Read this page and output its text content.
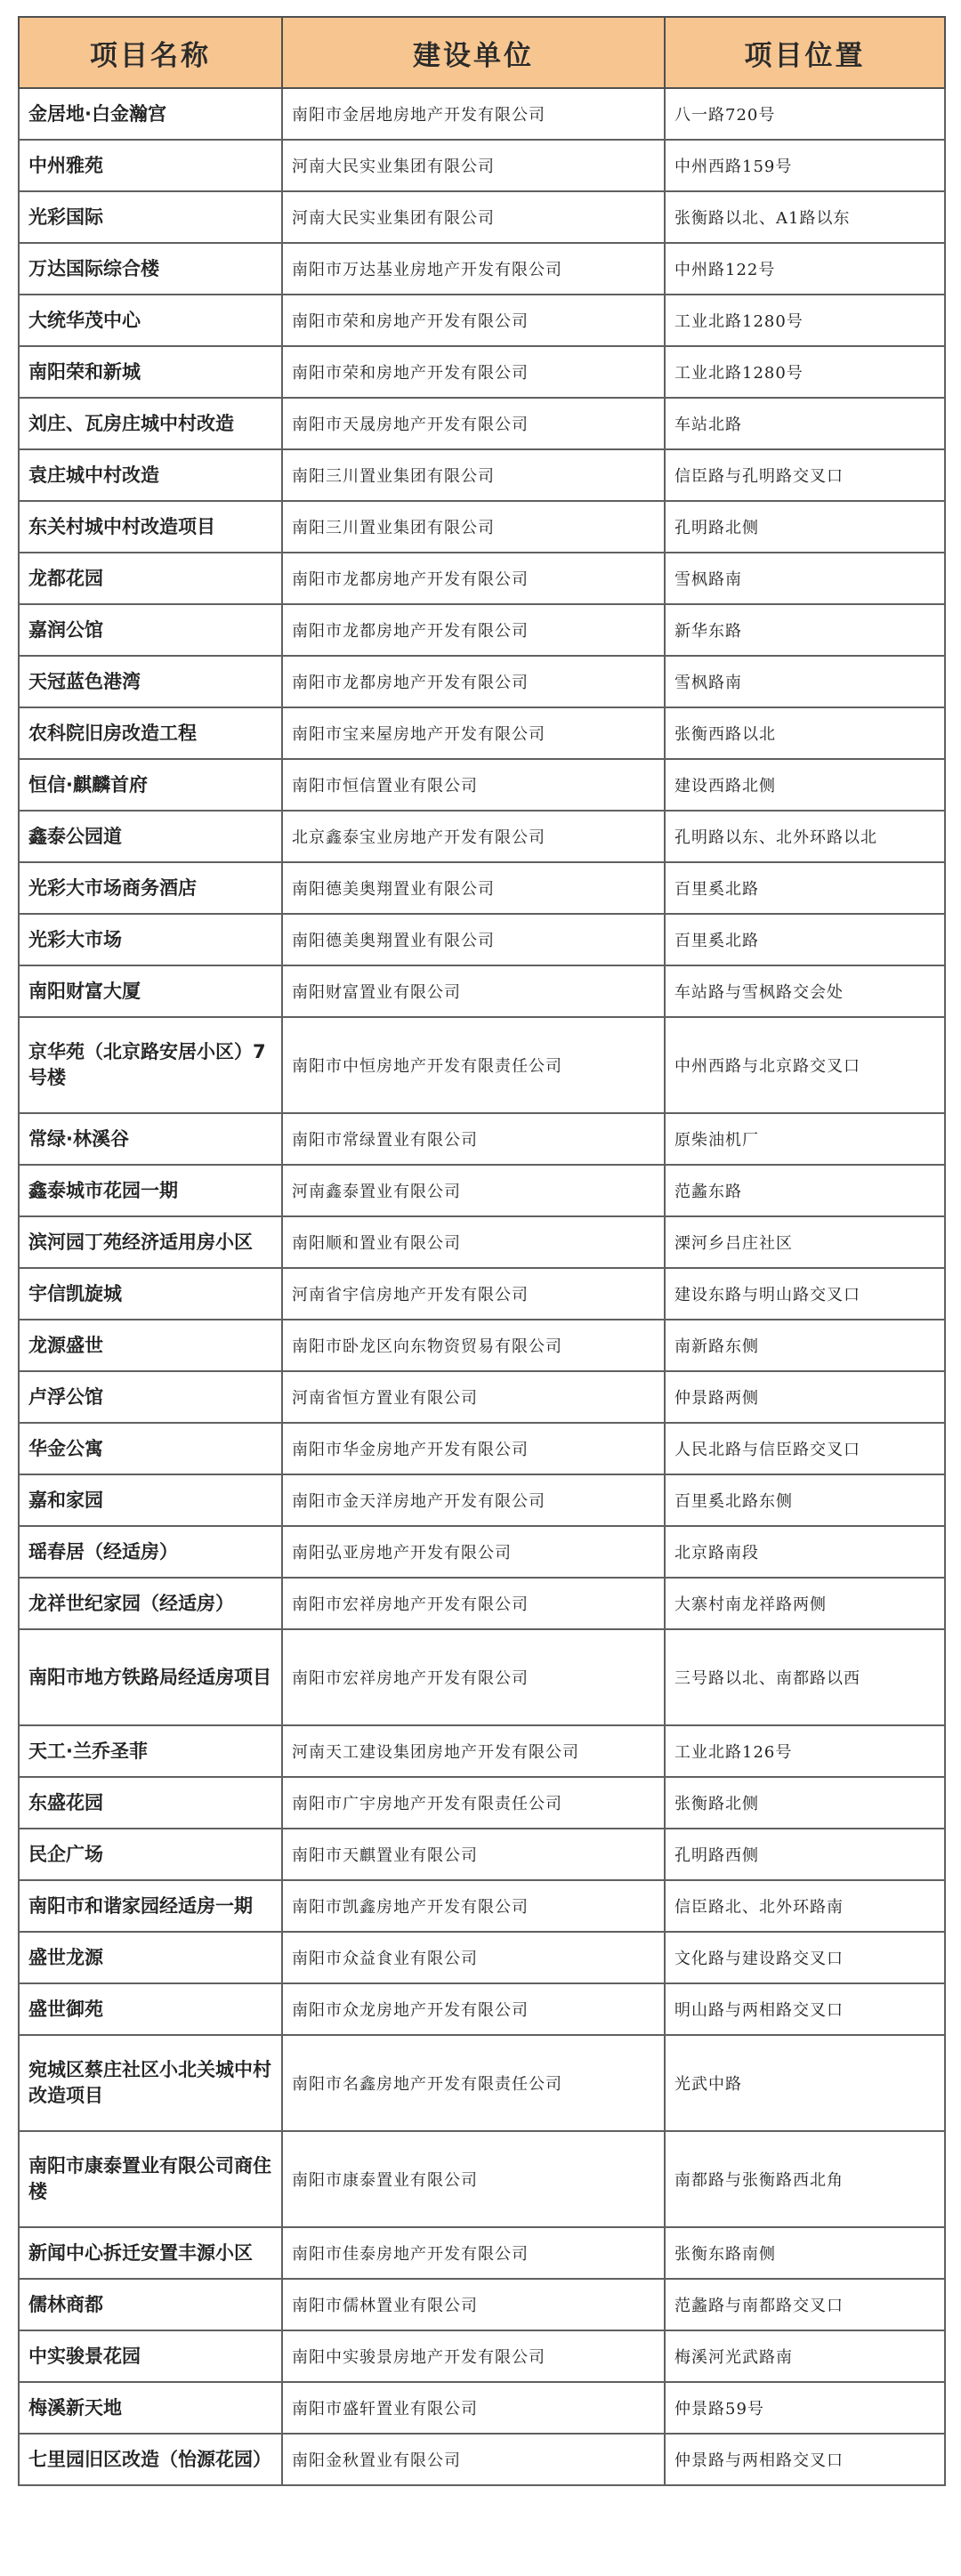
项目名称	建设单位	项目位置
金居地·白金瀚宫	南阳市金居地房地产开发有限公司	八一路720号
中州雅苑	河南大民实业集团有限公司	中州西路159号
光彩国际	河南大民实业集团有限公司	张衡路以北、A1路以东
万达国际综合楼	南阳市万达基业房地产开发有限公司	中州路122号
大统华茂中心	南阳市荣和房地产开发有限公司	工业北路1280号
南阳荣和新城	南阳市荣和房地产开发有限公司	工业北路1280号
刘庄、瓦房庄城中村改造	南阳市天晟房地产开发有限公司	车站北路
袁庄城中村改造	南阳三川置业集团有限公司	信臣路与孔明路交叉口
东关村城中村改造项目	南阳三川置业集团有限公司	孔明路北侧
龙都花园	南阳市龙都房地产开发有限公司	雪枫路南
嘉润公馆	南阳市龙都房地产开发有限公司	新华东路
天冠蓝色港湾	南阳市龙都房地产开发有限公司	雪枫路南
农科院旧房改造工程	南阳市宝来屋房地产开发有限公司	张衡西路以北
恒信·麒麟首府	南阳市恒信置业有限公司	建设西路北侧
鑫泰公园道	北京鑫泰宝业房地产开发有限公司	孔明路以东、北外环路以北
光彩大市场商务酒店	南阳德美奥翔置业有限公司	百里奚北路
光彩大市场	南阳德美奥翔置业有限公司	百里奚北路
南阳财富大厦	南阳财富置业有限公司	车站路与雪枫路交会处
京华苑（北京路安居小区）7号楼	南阳市中恒房地产开发有限责任公司	中州西路与北京路交叉口
常绿·林溪谷	南阳市常绿置业有限公司	原柴油机厂
鑫泰城市花园一期	河南鑫泰置业有限公司	范蠡东路
滨河园丁苑经济适用房小区	南阳顺和置业有限公司	溧河乡吕庄社区
宇信凯旋城	河南省宇信房地产开发有限公司	建设东路与明山路交叉口
龙源盛世	南阳市卧龙区向东物资贸易有限公司	南新路东侧
卢浮公馆	河南省恒方置业有限公司	仲景路两侧
华金公寓	南阳市华金房地产开发有限公司	人民北路与信臣路交叉口
嘉和家园	南阳市金天洋房地产开发有限公司	百里奚北路东侧
瑶春居（经适房）	南阳弘亚房地产开发有限公司	北京路南段
龙祥世纪家园（经适房）	南阳市宏祥房地产开发有限公司	大寨村南龙祥路两侧
南阳市地方铁路局经适房项目	南阳市宏祥房地产开发有限公司	三号路以北、南都路以西
天工·兰乔圣菲	河南天工建设集团房地产开发有限公司	工业北路126号
东盛花园	南阳市广宇房地产开发有限责任公司	张衡路北侧
民企广场	南阳市天麒置业有限公司	孔明路西侧
南阳市和谐家园经适房一期	南阳市凯鑫房地产开发有限公司	信臣路北、北外环路南
盛世龙源	南阳市众益食业有限公司	文化路与建设路交叉口
盛世御苑	南阳市众龙房地产开发有限公司	明山路与两相路交叉口
宛城区蔡庄社区小北关城中村改造项目	南阳市名鑫房地产开发有限责任公司	光武中路
南阳市康泰置业有限公司商住楼	南阳市康泰置业有限公司	南都路与张衡路西北角
新闻中心拆迁安置丰源小区	南阳市佳泰房地产开发有限公司	张衡东路南侧
儒林商都	南阳市儒林置业有限公司	范蠡路与南都路交叉口
中实骏景花园	南阳中实骏景房地产开发有限公司	梅溪河光武路南
梅溪新天地	南阳市盛轩置业有限公司	仲景路59号
七里园旧区改造（怡源花园）	南阳金秋置业有限公司	仲景路与两相路交叉口
